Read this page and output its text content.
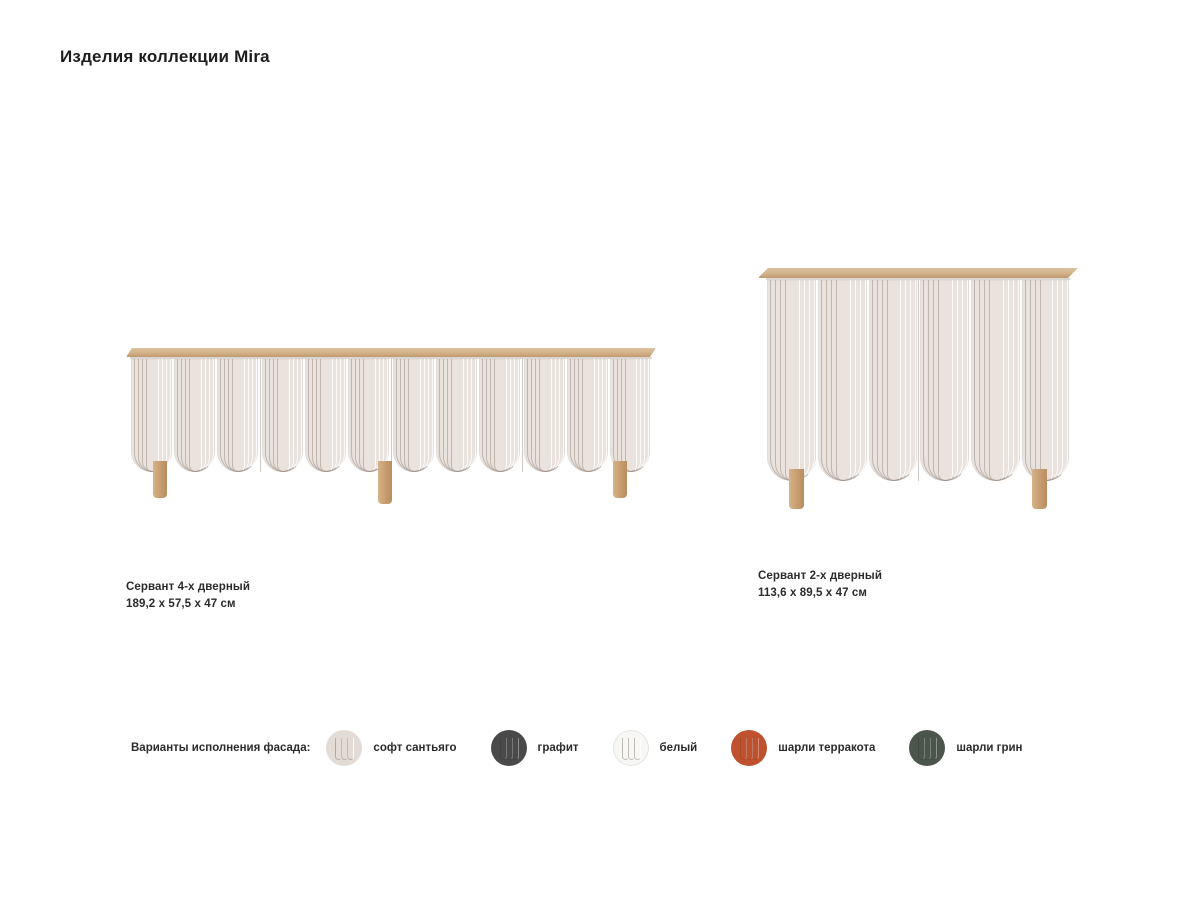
Изделия коллекции Mira
Сервант 4-х дверный
189,2 x 57,5 x 47 см
Сервант 2-х дверный
113,6 x 89,5 x 47 см
Варианты исполнения фасада:	софт сантьяго	графит	белый	шарли терракота	шарли грин
